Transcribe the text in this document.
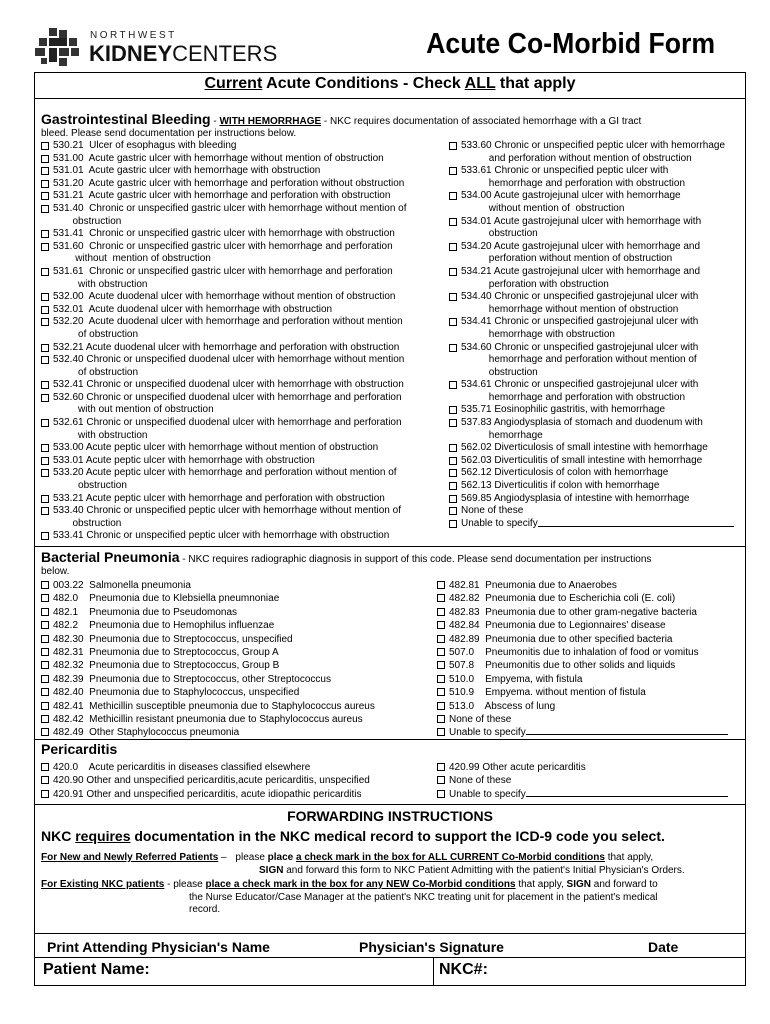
NORTHWEST
KIDNEYCENTERS	Acute Co-Morbid Form
Current Acute Conditions - Check ALL that apply
Gastrointestinal Bleeding - WITH HEMORRHAGE - NKC requires documentation of associated hemorrhage with a GI tract
bleed. Please send documentation per instructions below.
530.21  Ulcer of esophagus with bleeding
531.00  Acute gastric ulcer with hemorrhage without mention of obstruction
531.01  Acute gastric ulcer with hemorrhage with obstruction
531.20  Acute gastric ulcer with hemorrhage and perforation without obstruction
531.21  Acute gastric ulcer with hemorrhage and perforation with obstruction
531.40  Chronic or unspecified gastric ulcer with hemorrhage without mention of
obstruction
531.41  Chronic or unspecified gastric ulcer with hemorrhage with obstruction
531.60  Chronic or unspecified gastric ulcer with hemorrhage and perforation
without  mention of obstruction
531.61  Chronic or unspecified gastric ulcer with hemorrhage and perforation
with obstruction
532.00  Acute duodenal ulcer with hemorrhage without mention of obstruction
532.01  Acute duodenal ulcer with hemorrhage with obstruction
532.20  Acute duodenal ulcer with hemorrhage and perforation without mention
of obstruction
532.21 Acute duodenal ulcer with hemorrhage and perforation with obstruction
532.40 Chronic or unspecified duodenal ulcer with hemorrhage without mention
of obstruction
532.41 Chronic or unspecified duodenal ulcer with hemorrhage with obstruction
532.60 Chronic or unspecified duodenal ulcer with hemorrhage and perforation
with out mention of obstruction
532.61 Chronic or unspecified duodenal ulcer with hemorrhage and perforation
with obstruction
533.00 Acute peptic ulcer with hemorrhage without mention of obstruction
533.01 Acute peptic ulcer with hemorrhage with obstruction
533.20 Acute peptic ulcer with hemorrhage and perforation without mention of
obstruction
533.21 Acute peptic ulcer with hemorrhage and perforation with obstruction
533.40 Chronic or unspecified peptic ulcer with hemorrhage without mention of
obstruction
533.41 Chronic or unspecified peptic ulcer with hemorrhage with obstruction
533.60 Chronic or unspecified peptic ulcer with hemorrhage
and perforation without mention of obstruction
533.61 Chronic or unspecified peptic ulcer with
hemorrhage and perforation with obstruction
534.00 Acute gastrojejunal ulcer with hemorrhage
without mention of  obstruction
534.01 Acute gastrojejunal ulcer with hemorrhage with
obstruction
534.20 Acute gastrojejunal ulcer with hemorrhage and
perforation without mention of obstruction
534.21 Acute gastrojejunal ulcer with hemorrhage and
perforation with obstruction
534.40 Chronic or unspecified gastrojejunal ulcer with
hemorrhage without mention of obstruction
534.41 Chronic or unspecified gastrojejunal ulcer with
hemorrhage with obstruction
534.60 Chronic or unspecified gastrojejunal ulcer with
hemorrhage and perforation without mention of
obstruction
534.61 Chronic or unspecified gastrojejunal ulcer with
hemorrhage and perforation with obstruction
535.71 Eosinophilic gastritis, with hemorrhage
537.83 Angiodysplasia of stomach and duodenum with
hemorrhage
562.02 Diverticulosis of small intestine with hemorrhage
562.03 Diverticulitis of small intestine with hemorrhage
562.12 Diverticulosis of colon with hemorrhage
562.13 Diverticulitis if colon with hemorrhage
569.85 Angiodysplasia of intestine with hemorrhage
None of these
Unable to specify
Bacterial Pneumonia - NKC requires radiographic diagnosis in support of this code. Please send documentation per instructions
below.
003.22  Salmonella pneumonia
482.0    Pneumonia due to Klebsiella pneumnoniae
482.1    Pneumonia due to Pseudomonas
482.2    Pneumonia due to Hemophilus influenzae
482.30  Pneumonia due to Streptococcus, unspecified
482.31  Pneumonia due to Streptococcus, Group A
482.32  Pneumonia due to Streptococcus, Group B
482.39  Pneumonia due to Streptococcus, other Streptococcus
482.40  Pneumonia due to Staphylococcus, unspecified
482.41  Methicillin susceptible pneumonia due to Staphylococcus aureus
482.42  Methicillin resistant pneumonia due to Staphylococcus aureus
482.49  Other Staphylococcus pneumonia
482.81  Pneumonia due to Anaerobes
482.82  Pneumonia due to Escherichia coli (E. coli)
482.83  Pneumonia due to other gram-negative bacteria
482.84  Pneumonia due to Legionnaires' disease
482.89  Pneumonia due to other specified bacteria
507.0    Pneumonitis due to inhalation of food or vomitus
507.8    Pneumonitis due to other solids and liquids
510.0    Empyema, with fistula
510.9    Empyema. without mention of fistula
513.0    Abscess of lung
None of these
Unable to specify
Pericarditis
420.0    Acute pericarditis in diseases classified elsewhere
420.90 Other and unspecified pericarditis,acute pericarditis, unspecified
420.91 Other and unspecified pericarditis, acute idiopathic pericarditis
420.99 Other acute pericarditis
None of these
Unable to specify
FORWARDING INSTRUCTIONS
NKC requires documentation in the NKC medical record to support the ICD-9 code you select.
For New and Newly Referred Patients – please place a check mark in the box for ALL CURRENT Co-Morbid conditions that apply,
SIGN and forward this form to NKC Patient Admitting with the patient's Initial Physician's Orders.
For Existing NKC patients - please place a check mark in the box for any NEW Co-Morbid conditions that apply, SIGN and forward to
the Nurse Educator/Case Manager at the patient's NKC treating unit for placement in the patient's medical
record.
Print Attending Physician's Name	Physician's Signature	Date
Patient Name:	NKC#:
